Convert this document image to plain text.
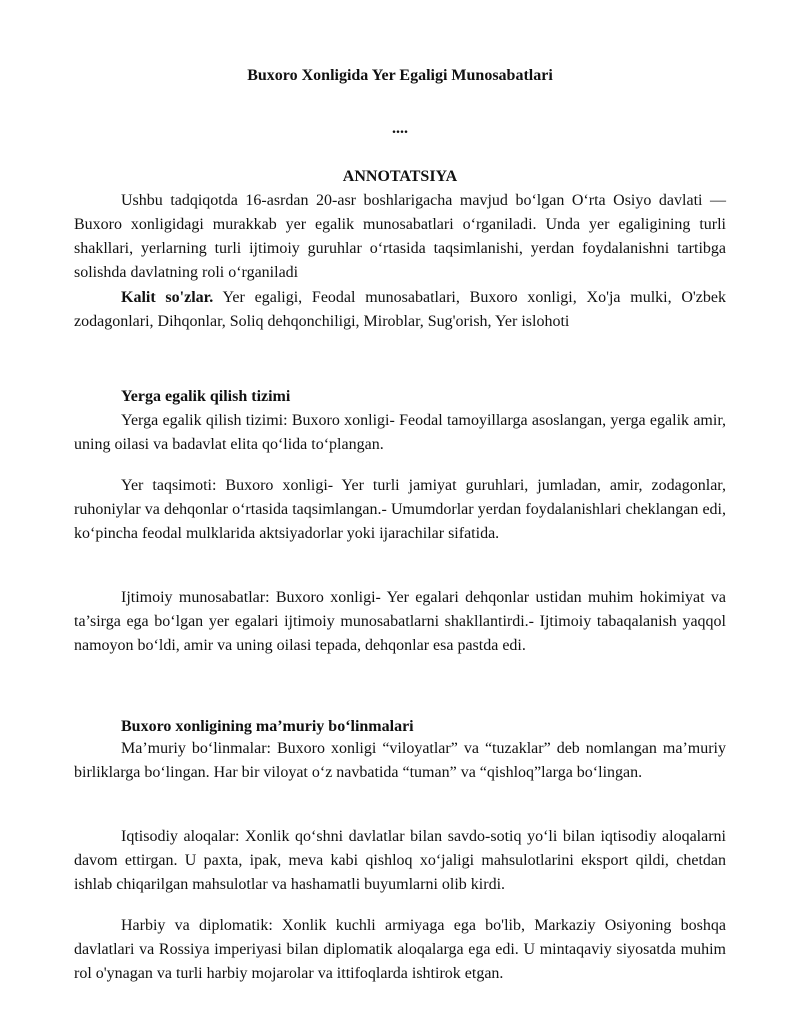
Buxoro Xonligida Yer Egaligi Munosabatlari
....
ANNOTATSIYA

Ushbu tadqiqotda 16-asrdan 20-asr boshlarigacha mavjud bo‘lgan O‘rta Osiyo davlati — Buxoro xonligidagi murakkab yer egalik munosabatlari o‘rganiladi. Unda yer egaligining turli shakllari, yerlarning turli ijtimoiy guruhlar o‘rtasida taqsimlanishi, yerdan foydalanishni tartibga solishda davlatning roli o‘rganiladi

Kalit so'zlar. Yer egaligi, Feodal munosabatlari, Buxoro xonligi, Xo'ja mulki, O'zbek zodagonlari, Dihqonlar, Soliq dehqonchiligi, Miroblar, Sug'orish, Yer islohoti

Yerga egalik qilish tizimi

Yerga egalik qilish tizimi: Buxoro xonligi- Feodal tamoyillarga asoslangan, yerga egalik amir, uning oilasi va badavlat elita qo‘lida to‘plangan.

Yer taqsimoti: Buxoro xonligi- Yer turli jamiyat guruhlari, jumladan, amir, zodagonlar, ruhoniylar va dehqonlar o‘rtasida taqsimlangan.- Umumdorlar yerdan foydalanishlari cheklangan edi, ko‘pincha feodal mulklarida aktsiyadorlar yoki ijarachilar sifatida.

Ijtimoiy munosabatlar: Buxoro xonligi- Yer egalari dehqonlar ustidan muhim hokimiyat va ta’sirga ega bo‘lgan yer egalari ijtimoiy munosabatlarni shakllantirdi.- Ijtimoiy tabaqalanish yaqqol namoyon bo‘ldi, amir va uning oilasi tepada, dehqonlar esa pastda edi.

Buxoro xonligining ma’muriy bo‘linmalari

Ma’muriy bo‘linmalar: Buxoro xonligi “viloyatlar” va “tuzaklar” deb nomlangan ma’muriy birliklarga bo‘lingan. Har bir viloyat o‘z navbatida “tuman” va “qishloq”larga bo‘lingan.

Iqtisodiy aloqalar: Xonlik qo‘shni davlatlar bilan savdo-sotiq yo‘li bilan iqtisodiy aloqalarni davom ettirgan. U paxta, ipak, meva kabi qishloq xo‘jaligi mahsulotlarini eksport qildi, chetdan ishlab chiqarilgan mahsulotlar va hashamatli buyumlarni olib kirdi.

Harbiy va diplomatik: Xonlik kuchli armiyaga ega bo'lib, Markaziy Osiyoning boshqa davlatlari va Rossiya imperiyasi bilan diplomatik aloqalarga ega edi. U mintaqaviy siyosatda muhim rol o'ynagan va turli harbiy mojarolar va ittifoqlarda ishtirok etgan.
